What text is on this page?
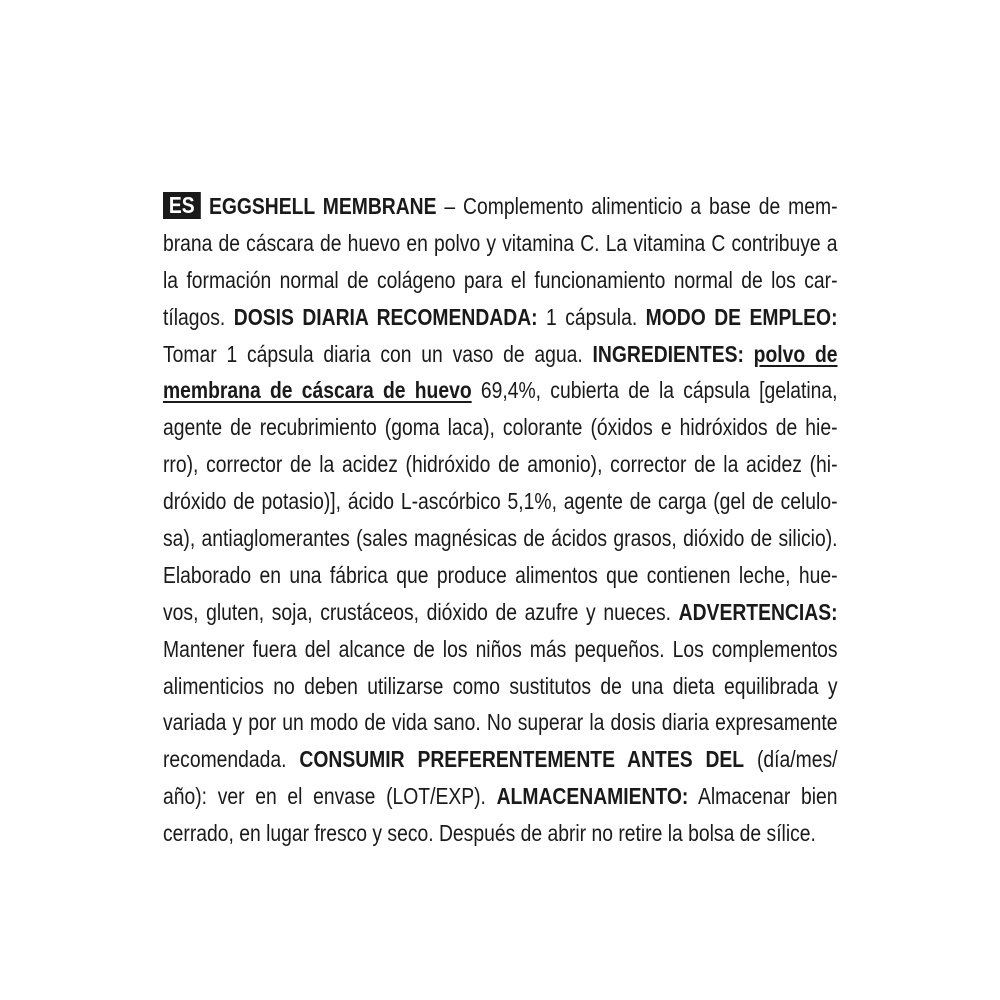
ES EGGSHELL MEMBRANE – Complemento alimenticio a base de mem-
brana de cáscara de huevo en polvo y vitamina C. La vitamina C contribuye a
la formación normal de colágeno para el funcionamiento normal de los car-
tílagos. DOSIS DIARIA RECOMENDADA: 1 cápsula. MODO DE EMPLEO:
Tomar 1 cápsula diaria con un vaso de agua. INGREDIENTES: polvo de
membrana de cáscara de huevo 69,4%, cubierta de la cápsula [gelatina,
agente de recubrimiento (goma laca), colorante (óxidos e hidróxidos de hie-
rro), corrector de la acidez (hidróxido de amonio), corrector de la acidez (hi-
dróxido de potasio)], ácido L-ascórbico 5,1%, agente de carga (gel de celulo-
sa), antiaglomerantes (sales magnésicas de ácidos grasos, dióxido de silicio).
Elaborado en una fábrica que produce alimentos que contienen leche, hue-
vos, gluten, soja, crustáceos, dióxido de azufre y nueces. ADVERTENCIAS:
Mantener fuera del alcance de los niños más pequeños. Los complementos
alimenticios no deben utilizarse como sustitutos de una dieta equilibrada y
variada y por un modo de vida sano. No superar la dosis diaria expresamente
recomendada. CONSUMIR PREFERENTEMENTE ANTES DEL (día/mes/
año): ver en el envase (LOT/EXP). ALMACENAMIENTO: Almacenar bien
cerrado, en lugar fresco y seco. Después de abrir no retire la bolsa de sílice.
